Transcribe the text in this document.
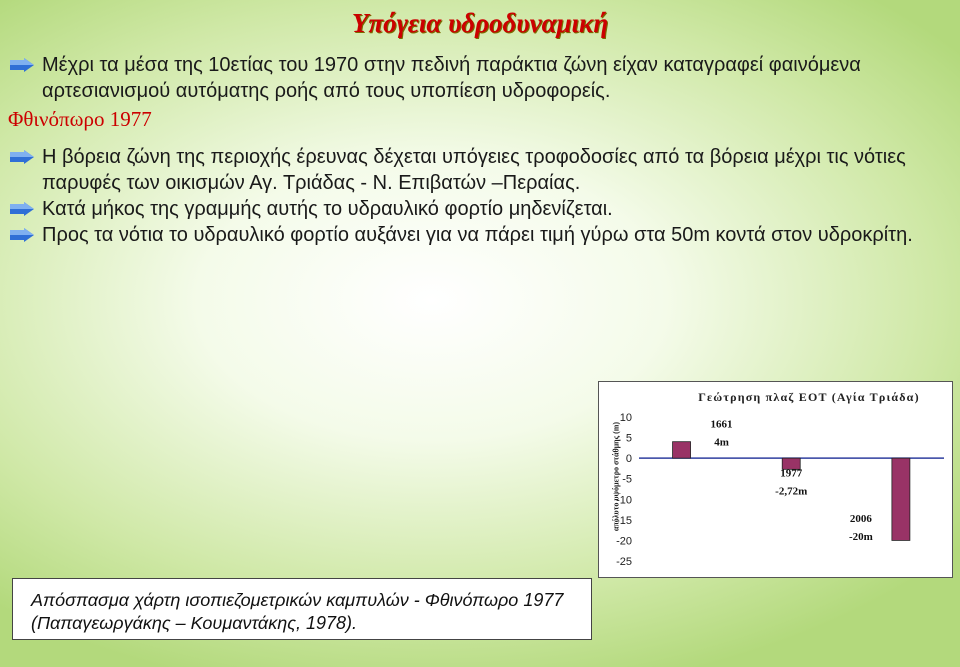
Υπόγεια υδροδυναμική
Μέχρι τα μέσα της 10ετίας του 1970 στην πεδινή παράκτια ζώνη είχαν καταγραφεί φαινόμενα αρτεσιανισμού αυτόματης ροής από τους υποπίεση υδροφορείς.
Φθινόπωρο 1977
Η βόρεια ζώνη της περιοχής έρευνας δέχεται υπόγειες τροφοδοσίες από τα βόρεια μέχρι τις νότιες παρυφές των οικισμών Αγ. Τριάδας - Ν. Επιβατών –Περαίας.
Κατά μήκος της γραμμής αυτής το υδραυλικό φορτίο μηδενίζεται.
Προς τα νότια το υδραυλικό φορτίο αυξάνει για να πάρει τιμή γύρω στα 50m κοντά στον υδροκρίτη.
Γεώτρηση πλαζ ΕΟΤ (Αγία Τριάδα)
απόλυτο υψόμετρο στάθμης (m)
10
5
0
-5
-10
-15
-20
-25
1661
4m
1977
-2,72m
2006
-20m
Απόσπασμα χάρτη ισοπιεζομετρικών καμπυλών - Φθινόπωρο 1977
(Παπαγεωργάκης – Κουμαντάκης, 1978).
